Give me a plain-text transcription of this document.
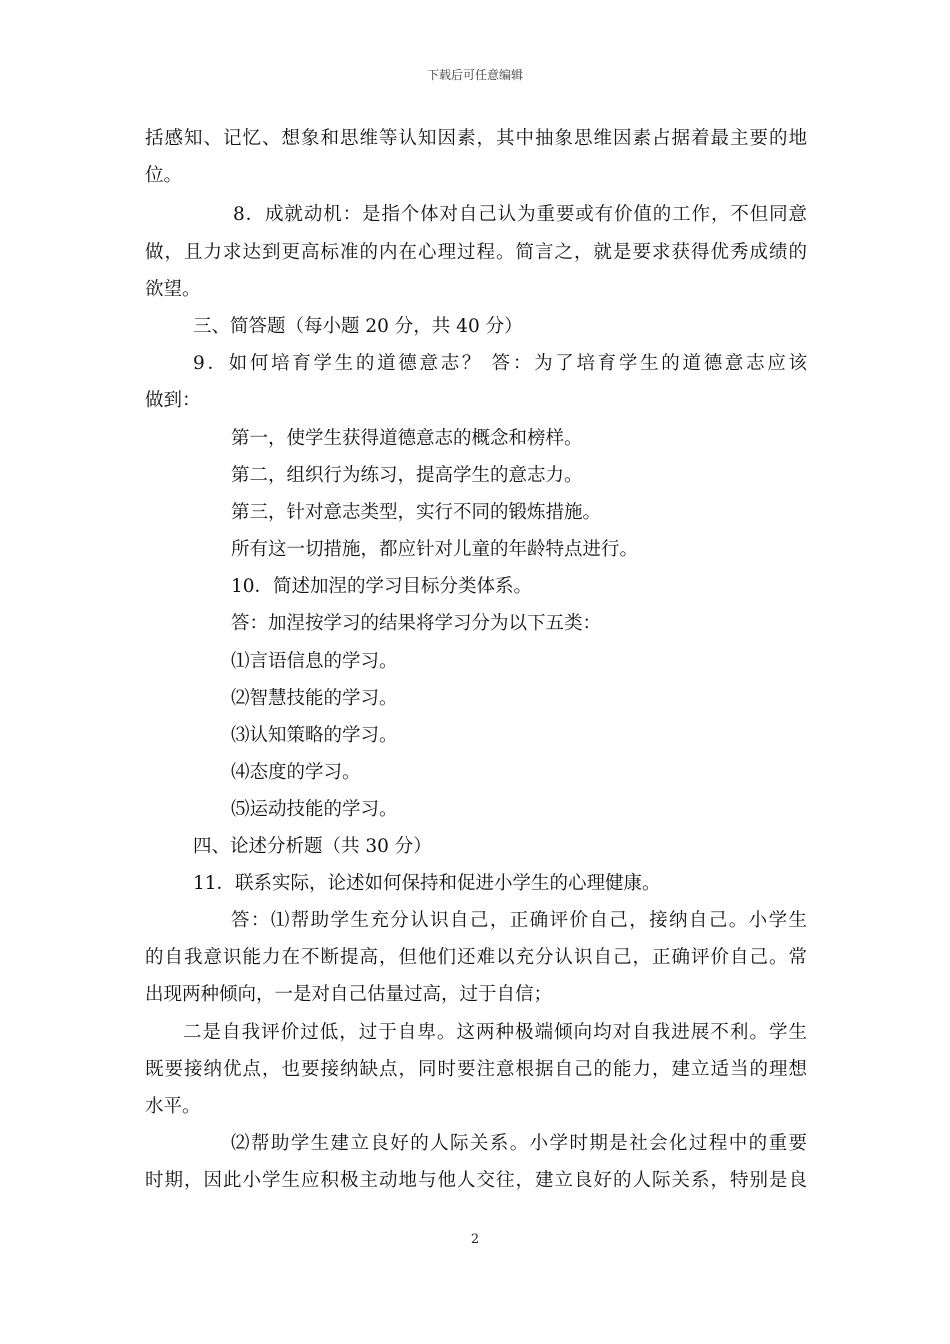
下载后可任意编辑
括感知、记忆、想象和思维等认知因素，其中抽象思维因素占据着最主要的地
位。
8．成就动机：是指个体对自己认为重要或有价值的工作，不但同意
做，且力求达到更高标准的内在心理过程。简言之，就是要求获得优秀成绩的
欲望。
三、简答题（每小题 20 分，共 40 分）
9．如何培育学生的道德意志？ 答：为了培育学生的道德意志应该
做到：
第一，使学生获得道德意志的概念和榜样。
第二，组织行为练习，提高学生的意志力。
第三，针对意志类型，实行不同的锻炼措施。
所有这一切措施，都应针对儿童的年龄特点进行。
10．简述加涅的学习目标分类体系。
答：加涅按学习的结果将学习分为以下五类：
⑴言语信息的学习。
⑵智慧技能的学习。
⑶认知策略的学习。
⑷态度的学习。
⑸运动技能的学习。
四、论述分析题（共 30 分）
11．联系实际，论述如何保持和促进小学生的心理健康。
答：⑴帮助学生充分认识自己，正确评价自己，接纳自己。小学生
的自我意识能力在不断提高，但他们还难以充分认识自己，正确评价自己。常
出现两种倾向，一是对自己估量过高，过于自信；
二是自我评价过低，过于自卑。这两种极端倾向均对自我进展不利。学生
既要接纳优点，也要接纳缺点，同时要注意根据自己的能力，建立适当的理想
水平。
⑵帮助学生建立良好的人际关系。小学时期是社会化过程中的重要
时期，因此小学生应积极主动地与他人交往，建立良好的人际关系，特别是良
2
